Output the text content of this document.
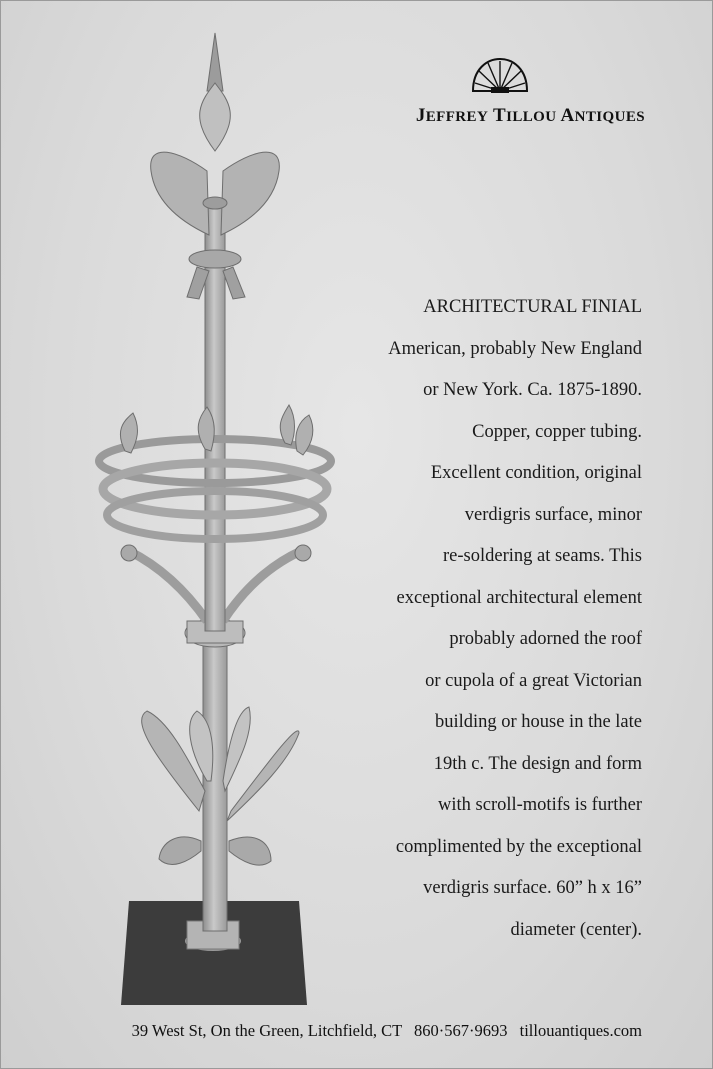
JEFFREY TILLOU ANTIQUES
ARCHITECTURAL FINIAL
American, probably New England
or New York. Ca. 1875-1890.
Copper, copper tubing.
Excellent condition, original
verdigris surface, minor
re-soldering at seams. This
exceptional architectural element
probably adorned the roof
or cupola of a great Victorian
building or house in the late
19th c. The design and form
with scroll-motifs is further
complimented by the exceptional
verdigris surface. 60” h x 16”
diameter (center).
39 West St, On the Green, Litchfield, CT 860·567·9693 tillouantiques.com
